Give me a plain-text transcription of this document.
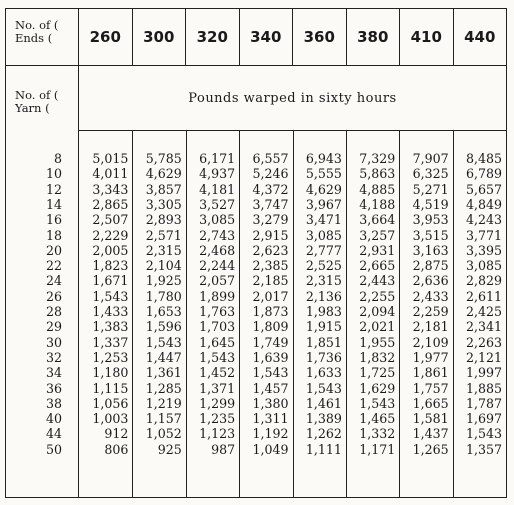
No. of (
Ends (
No. of (
Yarn (
260	300	320	340	360	380	410	440
Pounds warped in sixty hours
8	5,015	5,785	6,171	6,557	6,943	7,329	7,907	8,485
10	4,011	4,629	4,937	5,246	5,555	5,863	6,325	6,789
12	3,343	3,857	4,181	4,372	4,629	4,885	5,271	5,657
14	2,865	3,305	3,527	3,747	3,967	4,188	4,519	4,849
16	2,507	2,893	3,085	3,279	3,471	3,664	3,953	4,243
18	2,229	2,571	2,743	2,915	3,085	3,257	3,515	3,771
20	2,005	2,315	2,468	2,623	2,777	2,931	3,163	3,395
22	1,823	2,104	2,244	2,385	2,525	2,665	2,875	3,085
24	1,671	1,925	2,057	2,185	2,315	2,443	2,636	2,829
26	1,543	1,780	1,899	2,017	2,136	2,255	2,433	2,611
28	1,433	1,653	1,763	1,873	1,983	2,094	2,259	2,425
29	1,383	1,596	1,703	1,809	1,915	2,021	2,181	2,341
30	1,337	1,543	1,645	1,749	1,851	1,955	2,109	2,263
32	1,253	1,447	1,543	1,639	1,736	1,832	1,977	2,121
34	1,180	1,361	1,452	1,543	1,633	1,725	1,861	1,997
36	1,115	1,285	1,371	1,457	1,543	1,629	1,757	1,885
38	1,056	1,219	1,299	1,380	1,461	1,543	1,665	1,787
40	1,003	1,157	1,235	1,311	1,389	1,465	1,581	1,697
44	912	1,052	1,123	1,192	1,262	1,332	1,437	1,543
50	806	925	987	1,049	1,111	1,171	1,265	1,357
